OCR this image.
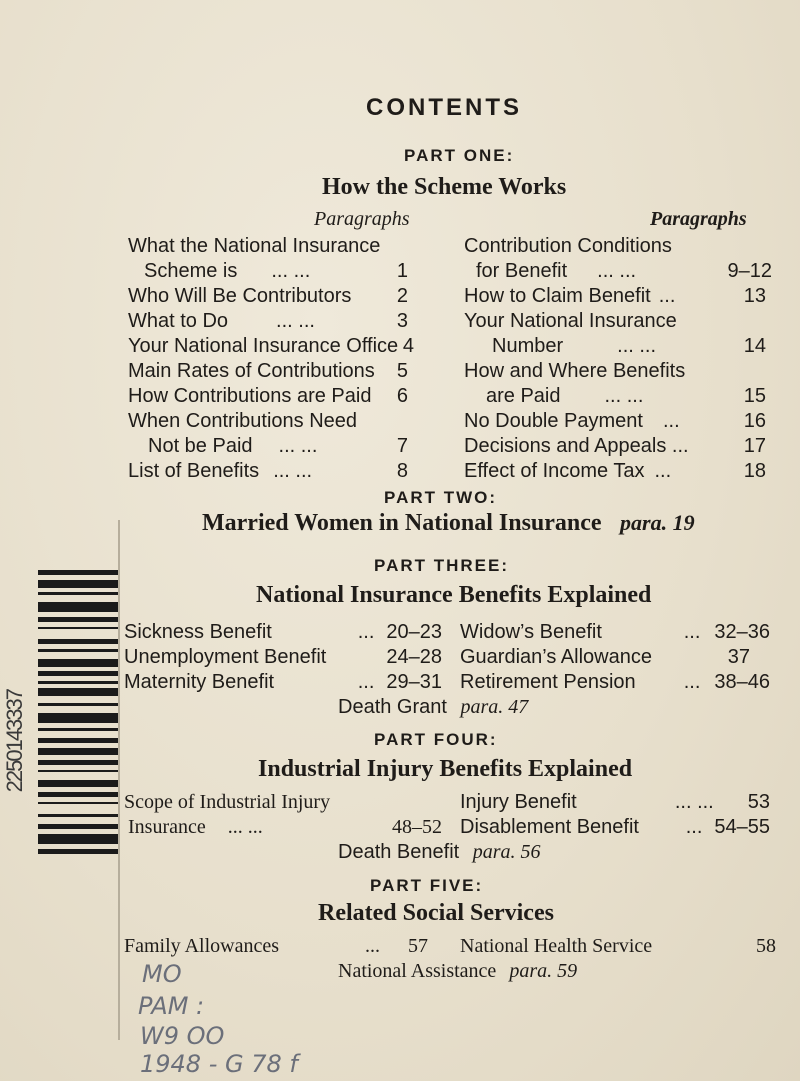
2250143337
CONTENTS
PART ONE:
How the Scheme Works
Paragraphs	Paragraphs
What the National Insurance
Scheme is ... ...	1
Who Will Be Contributors 2
What to Do ... ...	3
Your National Insurance Office 4
Main Rates of Contributions 5
How Contributions are Paid 6
When Contributions Need
Not be Paid ... ...	7
List of Benefits ... ...	8
Contribution Conditions
for Benefit ... ...	9–12
How to Claim Benefit ...	13
Your National Insurance
Number	... ...	14
How and Where Benefits
are Paid ... ...	15
No Double Payment ...	16
Decisions and Appeals ...	17
Effect of Income Tax ...	18
PART TWO:
Married Women in National Insurance para. 19
PART THREE:
National Insurance Benefits Explained
Sickness Benefit	... 20–23
Unemployment Benefit	24–28
Maternity Benefit	... 29–31
Widow’s Benefit	... 32–36
Guardian’s Allowance	37
Retirement Pension ... 38–46
Death Grant para. 47
PART FOUR:
Industrial Injury Benefits Explained
Scope of Industrial Injury
Insurance ... ...	48–52
Injury Benefit	... ... 53
Disablement Benefit ... 54–55
Death Benefit para. 56
PART FIVE:
Related Social Services
Family Allowances	... 57 National Health Service	58
National Assistance para. 59
MO
PAM :
W9 OO
1948 - G 78 f
